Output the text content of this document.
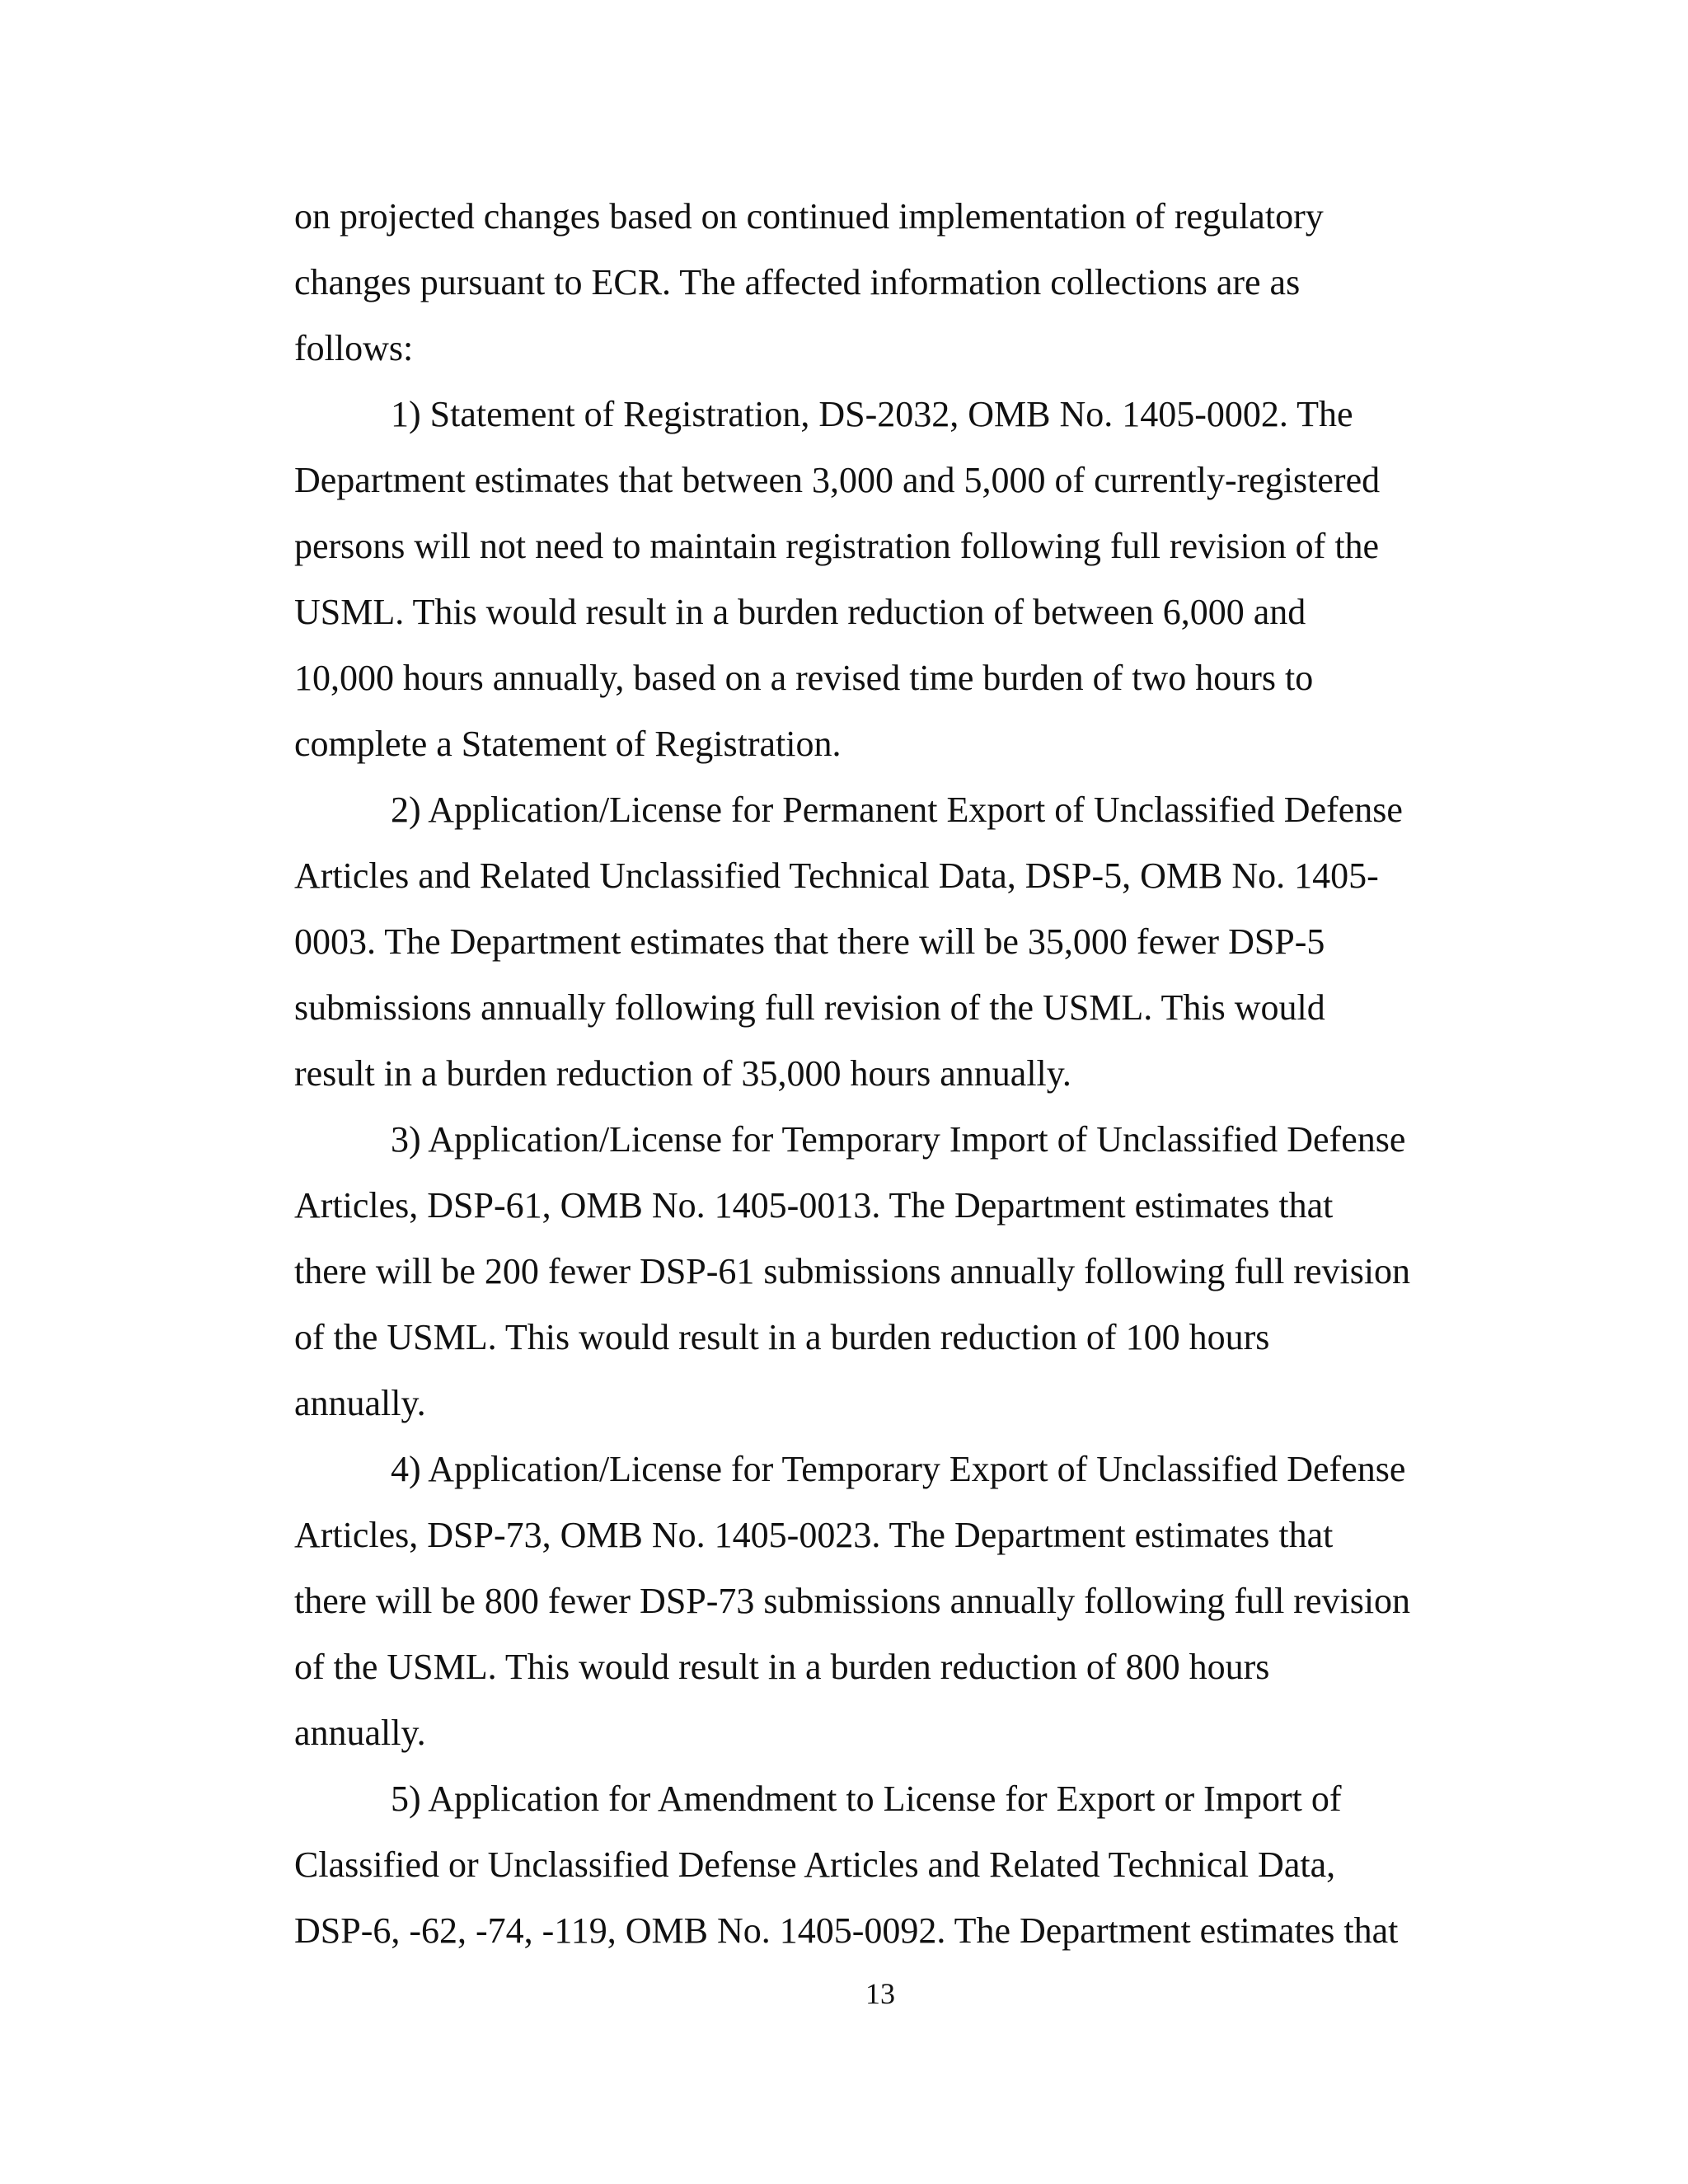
on projected changes based on continued implementation of regulatory

changes pursuant to ECR. The affected information collections are as

follows:

1) Statement of Registration, DS-2032, OMB No. 1405-0002. The

Department estimates that between 3,000 and 5,000 of currently-registered

persons will not need to maintain registration following full revision of the

USML. This would result in a burden reduction of between 6,000 and

10,000 hours annually, based on a revised time burden of two hours to

complete a Statement of Registration.

2) Application/License for Permanent Export of Unclassified Defense

Articles and Related Unclassified Technical Data, DSP-5, OMB No. 1405-

0003. The Department estimates that there will be 35,000 fewer DSP-5

submissions annually following full revision of the USML. This would

result in a burden reduction of 35,000 hours annually.

3) Application/License for Temporary Import of Unclassified Defense

Articles, DSP-61, OMB No. 1405-0013. The Department estimates that

there will be 200 fewer DSP-61 submissions annually following full revision

of the USML. This would result in a burden reduction of 100 hours

annually.

4) Application/License for Temporary Export of Unclassified Defense

Articles, DSP-73, OMB No. 1405-0023. The Department estimates that

there will be 800 fewer DSP-73 submissions annually following full revision

of the USML. This would result in a burden reduction of 800 hours

annually.

5) Application for Amendment to License for Export or Import of

Classified or Unclassified Defense Articles and Related Technical Data,

DSP-6, -62, -74, -119, OMB No. 1405-0092. The Department estimates that

13
